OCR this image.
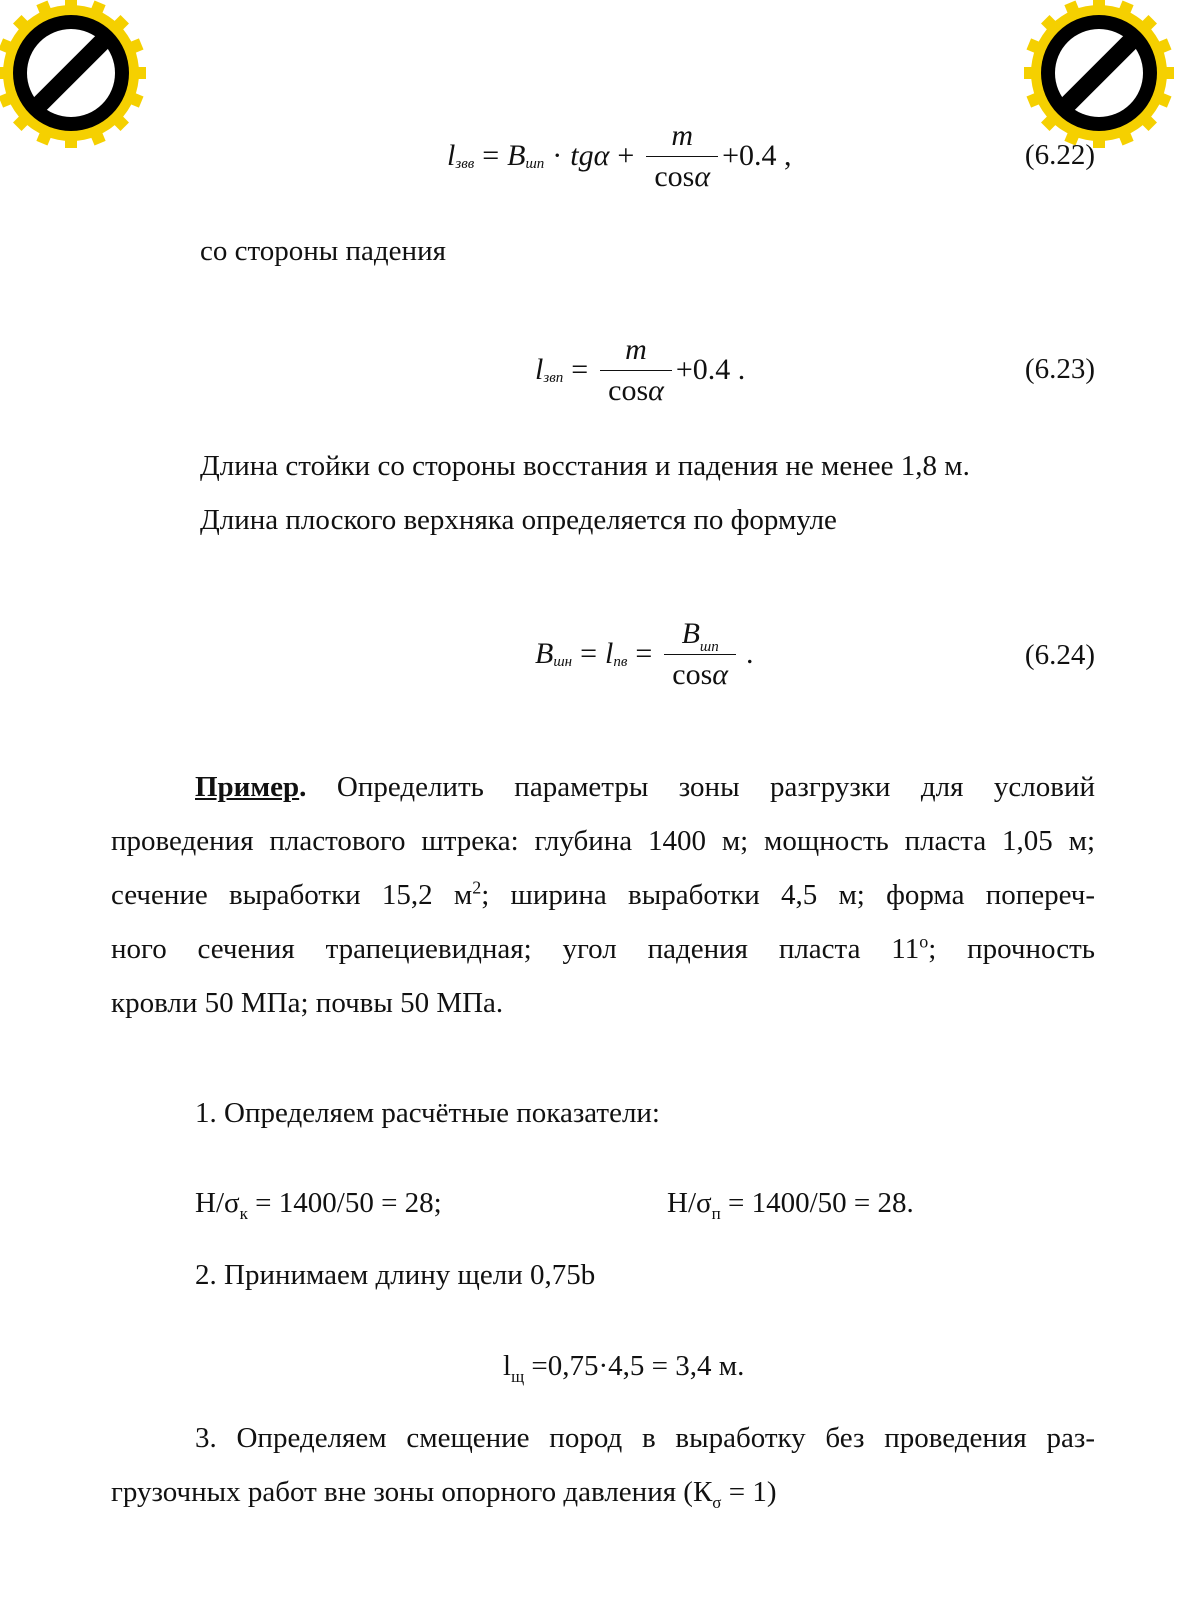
l звв = B шп · tg $\alpha + \frac{m}{\cos\alpha} +0.4$ ,	(6.22)
со стороны падения
l звп = $\frac{m}{\cos\alpha} +0.4$ .	(6.23)
Длина стойки со стороны восстания и падения не менее 1,8 м.
Длина плоского верхняка определяется по формуле
B шн = l пв = $\frac{B_{шп}}{\cos\alpha}$ .	(6.24)
Пример. Определить параметры зоны разгрузки для условий
проведения пластового штрека: глубина 1400 м; мощность пласта 1,05 м;
сечение выработки 15,2 $м^2$; ширина выработки 4,5 м; форма попереч-
ного сечения трапециевидная; угол падения пласта $11^о$; прочность
кровли 50 МПа; почвы 50 МПа.
1. Определяем расчётные показатели:
$H/\sigma_к = 1400/50 = 28$;	$H/\sigma_п = 1400/50 = 28$.
2. Принимаем длину щели 0,75b
$l_щ =0,75\cdot 4,5 = 3,4$ м.
3. Определяем смещение пород в выработку без проведения раз-
грузочных работ вне зоны опорного давления $(К_\sigma = 1)$
